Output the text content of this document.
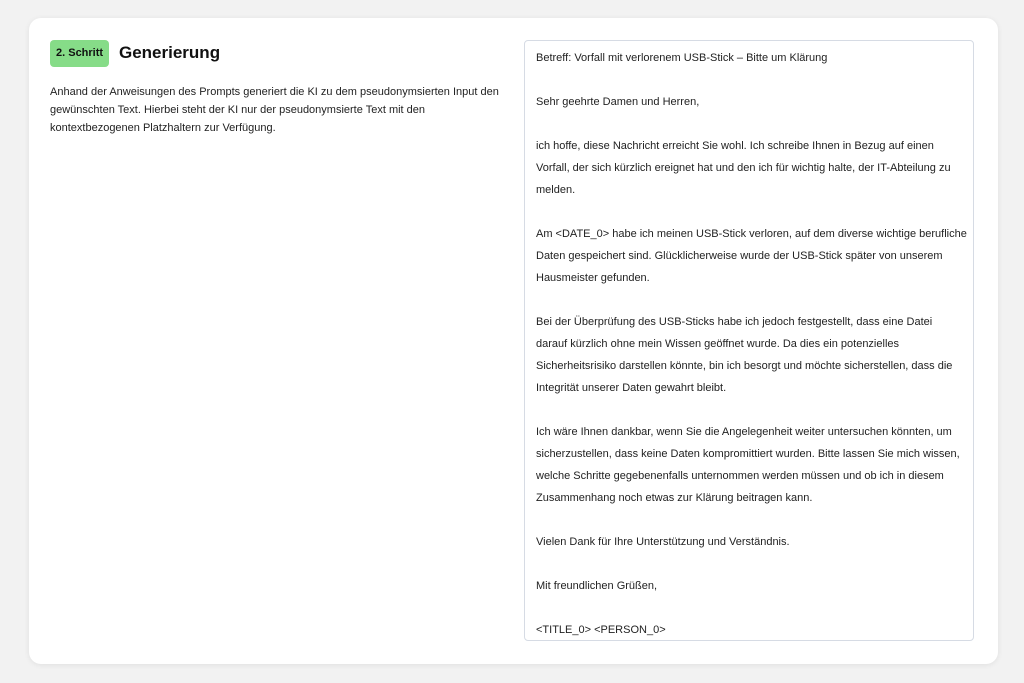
2. Schritt Generierung
Anhand der Anweisungen des Prompts generiert die KI zu dem pseudonymsierten Input den
gewünschten Text. Hierbei steht der KI nur der pseudonymsierte Text mit den
kontextbezogenen Platzhaltern zur Verfügung.
Betreff: Vorfall mit verlorenem USB-Stick – Bitte um Klärung
Sehr geehrte Damen und Herren,
ich hoffe, diese Nachricht erreicht Sie wohl. Ich schreibe Ihnen in Bezug auf einen
Vorfall, der sich kürzlich ereignet hat und den ich für wichtig halte, der IT-Abteilung zu
melden.
Am <DATE_0> habe ich meinen USB-Stick verloren, auf dem diverse wichtige berufliche
Daten gespeichert sind. Glücklicherweise wurde der USB-Stick später von unserem
Hausmeister gefunden.
Bei der Überprüfung des USB-Sticks habe ich jedoch festgestellt, dass eine Datei
darauf kürzlich ohne mein Wissen geöffnet wurde. Da dies ein potenzielles
Sicherheitsrisiko darstellen könnte, bin ich besorgt und möchte sicherstellen, dass die
Integrität unserer Daten gewahrt bleibt.
Ich wäre Ihnen dankbar, wenn Sie die Angelegenheit weiter untersuchen könnten, um
sicherzustellen, dass keine Daten kompromittiert wurden. Bitte lassen Sie mich wissen,
welche Schritte gegebenenfalls unternommen werden müssen und ob ich in diesem
Zusammenhang noch etwas zur Klärung beitragen kann.
Vielen Dank für Ihre Unterstützung und Verständnis.
Mit freundlichen Grüßen,
<TITLE_0> <PERSON_0>
